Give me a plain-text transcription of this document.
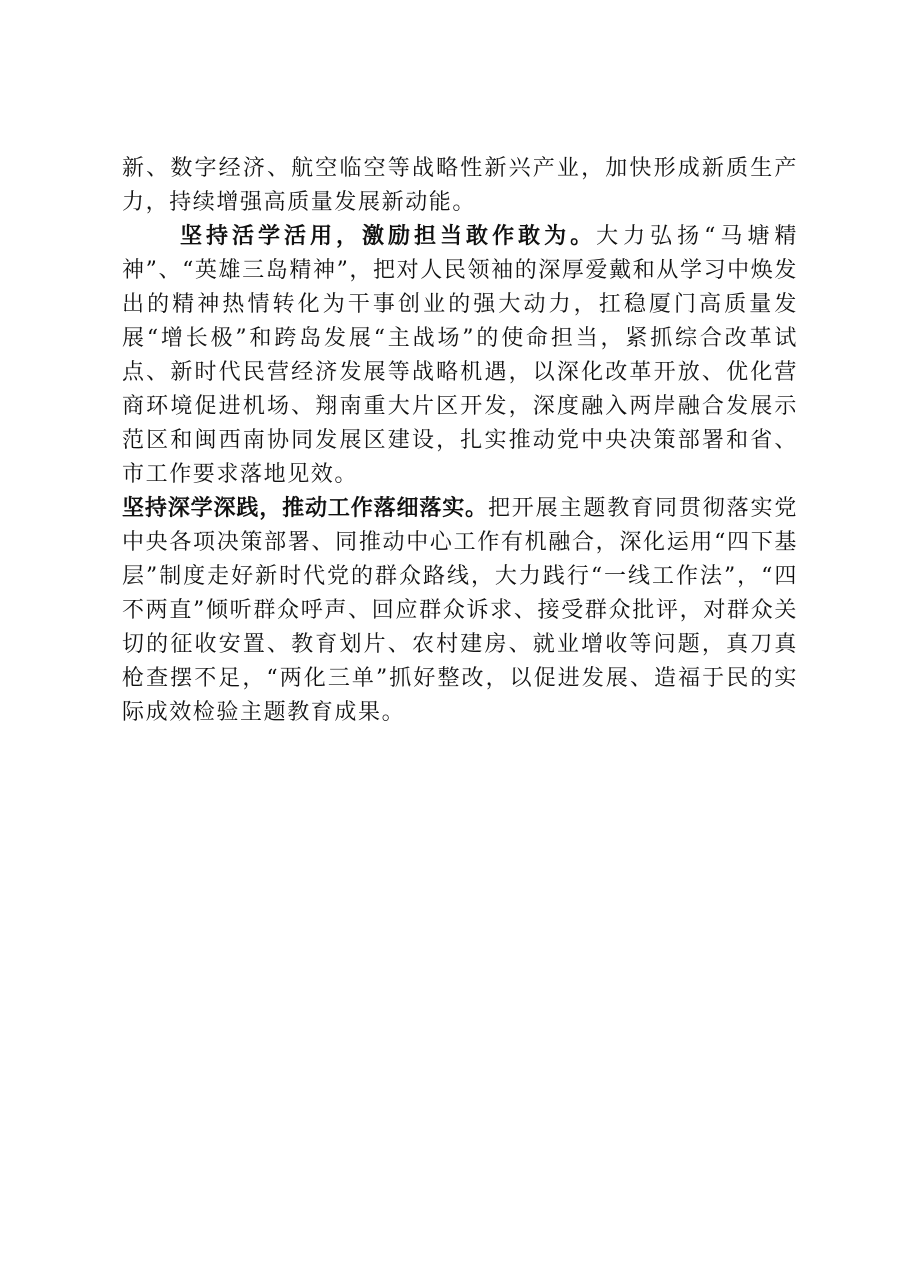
新、数字经济、航空临空等战略性新兴产业，加快形成新质生产力，持续增强高质量发展新动能。

坚持活学活用，激励担当敢作敢为。大力弘扬“马塘精神”、“英雄三岛精神”，把对人民领袖的深厚爱戴和从学习中焕发出的精神热情转化为干事创业的强大动力，扛稳厦门高质量发展“增长极”和跨岛发展“主战场”的使命担当，紧抓综合改革试点、新时代民营经济发展等战略机遇，以深化改革开放、优化营商环境促进机场、翔南重大片区开发，深度融入两岸融合发展示范区和闽西南协同发展区建设，扎实推动党中央决策部署和省、市工作要求落地见效。

坚持深学深践，推动工作落细落实。把开展主题教育同贯彻落实党中央各项决策部署、同推动中心工作有机融合，深化运用“四下基层”制度走好新时代党的群众路线，大力践行“一线工作法”，“四不两直”倾听群众呼声、回应群众诉求、接受群众批评，对群众关切的征收安置、教育划片、农村建房、就业增收等问题，真刀真枪查摆不足，“两化三单”抓好整改，以促进发展、造福于民的实际成效检验主题教育成果。
